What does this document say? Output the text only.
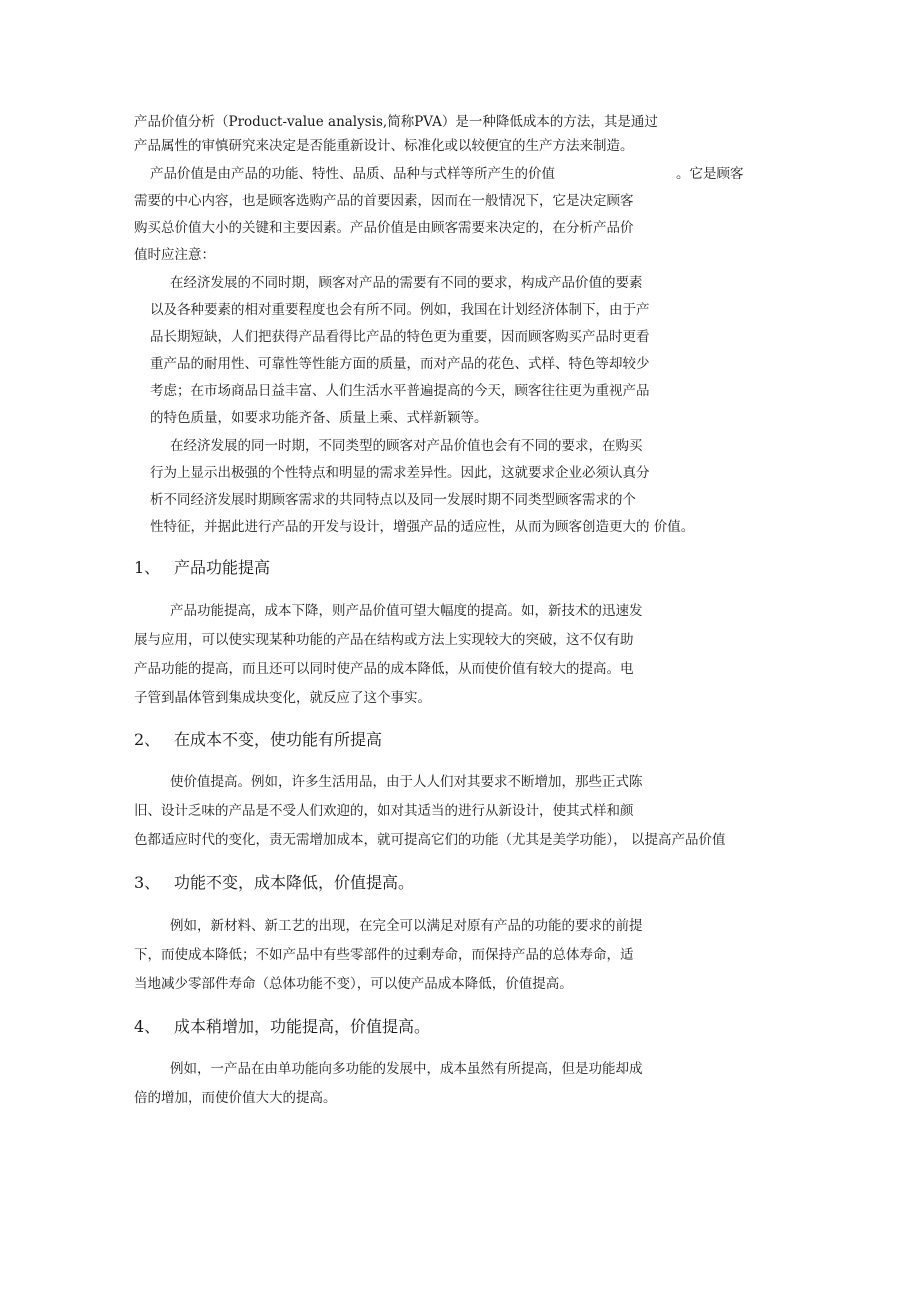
产品价值分析（Product-value analysis,简称PVA）是一种降低成本的方法，其是通过
产品属性的审慎研究来决定是否能重新设计、标准化或以较便宜的生产方法来制造。
产品价值是由产品的功能、特性、品质、品种与式样等所产生的价值	。它是顾客
需要的中心内容，也是顾客选购产品的首要因素，因而在一般情况下，它是决定顾客
购买总价值大小的关键和主要因素。产品价值是由顾客需要来决定的，在分析产品价
值时应注意：
在经济发展的不同时期，顾客对产品的需要有不同的要求，构成产品价值的要素
以及各种要素的相对重要程度也会有所不同。例如，我国在计划经济体制下，由于产
品长期短缺，人们把获得产品看得比产品的特色更为重要，因而顾客购买产品时更看
重产品的耐用性、可靠性等性能方面的质量，而对产品的花色、式样、特色等却较少
考虑；在市场商品日益丰富、人们生活水平普遍提高的今天，顾客往往更为重视产品
的特色质量，如要求功能齐备、质量上乘、式样新颖等。
在经济发展的同一时期，不同类型的顾客对产品价值也会有不同的要求，在购买
行为上显示出极强的个性特点和明显的需求差异性。因此，这就要求企业必须认真分
析不同经济发展时期顾客需求的共同特点以及同一发展时期不同类型顾客需求的个
性特征，并据此进行产品的开发与设计，增强产品的适应性，从而为顾客创造更大的 价值。
1、 产品功能提高
产品功能提高，成本下降，则产品价值可望大幅度的提高。如，新技术的迅速发
展与应用，可以使实现某种功能的产品在结构或方法上实现较大的突破，这不仅有助
产品功能的提高，而且还可以同时使产品的成本降低，从而使价值有较大的提高。电
子管到晶体管到集成块变化，就反应了这个事实。
2、 在成本不变，使功能有所提高
使价值提高。例如，许多生活用品，由于人人们对其要求不断增加，那些正式陈
旧、设计乏味的产品是不受人们欢迎的，如对其适当的进行从新设计，使其式样和颜
色都适应时代的变化，责无需增加成本，就可提高它们的功能（尤其是美学功能）， 以提高产品价值
3、 功能不变，成本降低，价值提高。
例如，新材料、新工艺的出现，在完全可以满足对原有产品的功能的要求的前提
下，而使成本降低；不如产品中有些零部件的过剩寿命，而保持产品的总体寿命，适
当地减少零部件寿命（总体功能不变），可以使产品成本降低，价值提高。
4、 成本稍增加，功能提高，价值提高。
例如，一产品在由单功能向多功能的发展中，成本虽然有所提高，但是功能却成
倍的增加，而使价值大大的提高。
